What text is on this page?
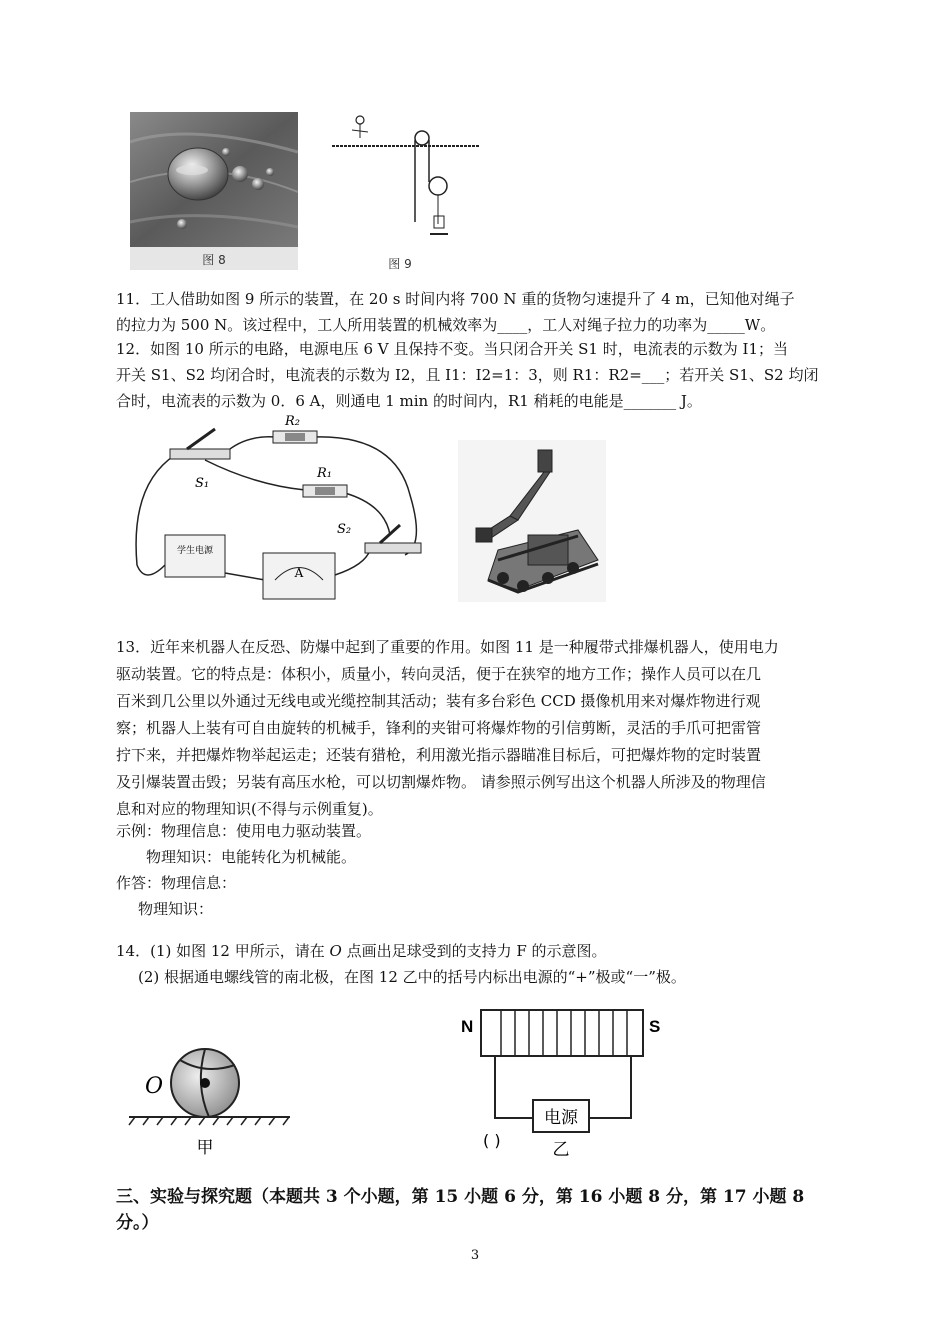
图 8	图 9
11．工人借助如图 9 所示的装置，在 20 s 时间内将 700 N 重的货物匀速提升了 4 m，已知他对绳子
的拉力为 500 N。该过程中，工人所用装置的机械效率为____，工人对绳子拉力的功率为_____W。
12．如图 10 所示的电路，电源电压 6 V 且保持不变。当只闭合开关 S1 时，电流表的示数为 I1；当
开关 S1、S2 均闭合时，电流表的示数为 I2，且 I1：I2=1：3，则 R1：R2=___；若开关 S1、S2 均闭
合时，电流表的示数为 0．6 A，则通电 1 min 的时间内，R1 稍耗的电能是_______ J。
S₁
R₂
R₁
S₂
学生电源
A
13．近年来机器人在反恐、防爆中起到了重要的作用。如图 11 是一种履带式排爆机器人，使用电力
驱动装置。它的特点是：体积小，质量小，转向灵活，便于在狭窄的地方工作；操作人员可以在几
百米到几公里以外通过无线电或光缆控制其活动；装有多台彩色 CCD 摄像机用来对爆炸物进行观
察；机器人上装有可自由旋转的机械手，锋利的夹钳可将爆炸物的引信剪断，灵活的手爪可把雷管
拧下来，并把爆炸物举起运走；还装有猎枪，利用激光指示器瞄准目标后，可把爆炸物的定时装置
及引爆装置击毁；另装有高压水枪，可以切割爆炸物。 请参照示例写出这个机器人所涉及的物理信
息和对应的物理知识(不得与示例重复)。
示例：物理信息：使用电力驱动装置。
物理知识：电能转化为机械能。
作答：物理信息：
物理知识：
14．(1) 如图 12 甲所示，请在 O 点画出足球受到的支持力 F 的示意图。
(2) 根据通电螺线管的南北极，在图 12 乙中的括号内标出电源的“+”极或“一”极。
O
甲
N	S
电源
( )	乙
三、实验与探究题（本题共 3 个小题，第 15 小题 6 分，第 16 小题 8 分，第 17 小题 8
分。）
3
